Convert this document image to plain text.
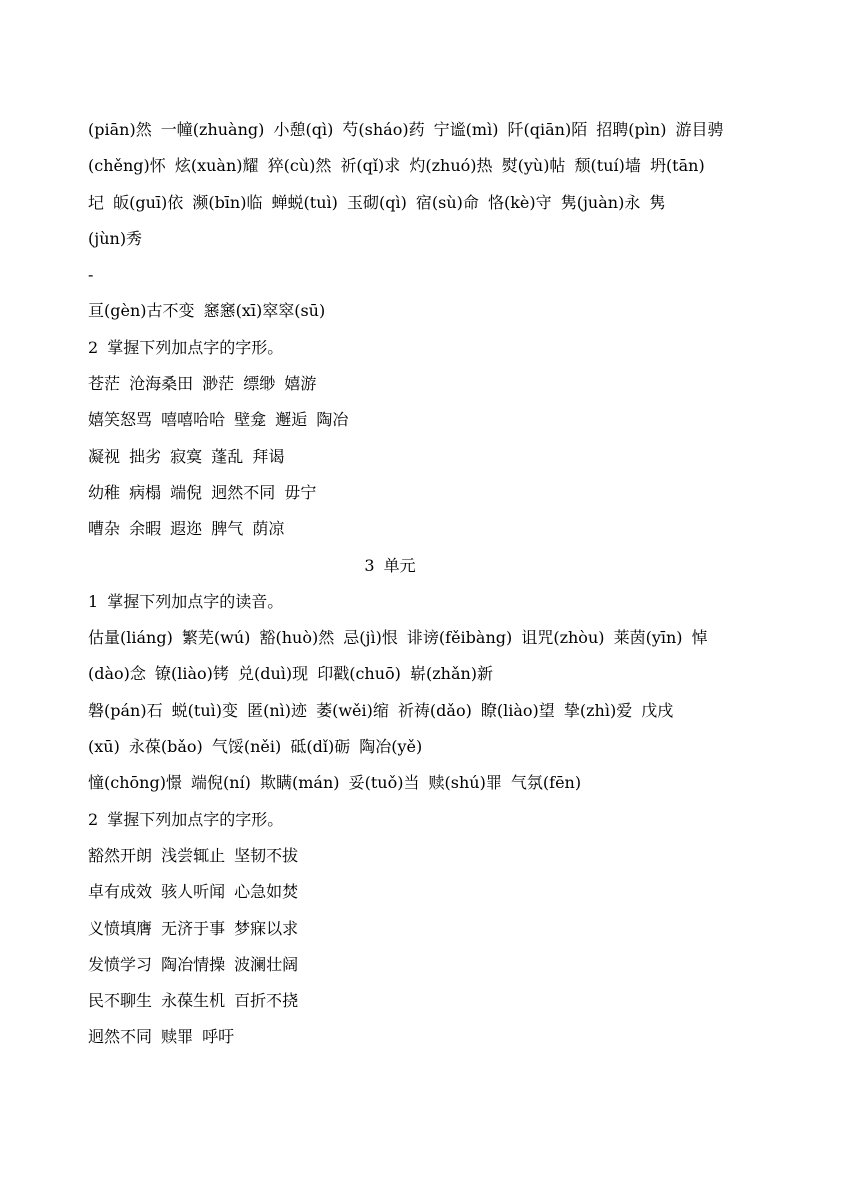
(piān)然 一幢(zhuàng) 小憩(qì) 芍(sháo)药 宁谧(mì) 阡(qiān)陌 招聘(pìn) 游目骋
(chěng)怀 炫(xuàn)耀 猝(cù)然 祈(qǐ)求 灼(zhuó)热 熨(yù)帖 颓(tuí)墙 坍(tān)
圮 皈(guī)依 濒(bīn)临 蝉蜕(tuì) 玉砌(qì) 宿(sù)命 恪(kè)守 隽(juàn)永 隽
(jùn)秀
-
亘(gèn)古不变 窸窸(xī)窣窣(sū)
2 掌握下列加点字的字形。
苍茫 沧海桑田 渺茫 缥缈 嬉游
嬉笑怒骂 嘻嘻哈哈 壁龛 邂逅 陶冶
凝视 拙劣 寂寞 蓬乱 拜谒
幼稚 病榻 端倪 迥然不同 毋宁
嘈杂 余暇 遐迩 脾气 荫凉
3 单元
1 掌握下列加点字的读音。
估量(liáng) 繁芜(wú) 豁(huò)然 忌(jì)恨 诽谤(fěibàng) 诅咒(zhòu) 莱茵(yīn) 悼
(dào)念 镣(liào)铐 兑(duì)现 印戳(chuō) 崭(zhǎn)新
磐(pán)石 蜕(tuì)变 匿(nì)迹 萎(wěi)缩 祈祷(dǎo) 瞭(liào)望 挚(zhì)爱 戊戌
(xū) 永葆(bǎo) 气馁(něi) 砥(dǐ)砺 陶冶(yě)
憧(chōng)憬 端倪(ní) 欺瞒(mán) 妥(tuǒ)当 赎(shú)罪 气氛(fēn)
2 掌握下列加点字的字形。
豁然开朗 浅尝辄止 坚韧不拔
卓有成效 骇人听闻 心急如焚
义愤填膺 无济于事 梦寐以求
发愤学习 陶冶情操 波澜壮阔
民不聊生 永葆生机 百折不挠
迥然不同 赎罪 呼吁
